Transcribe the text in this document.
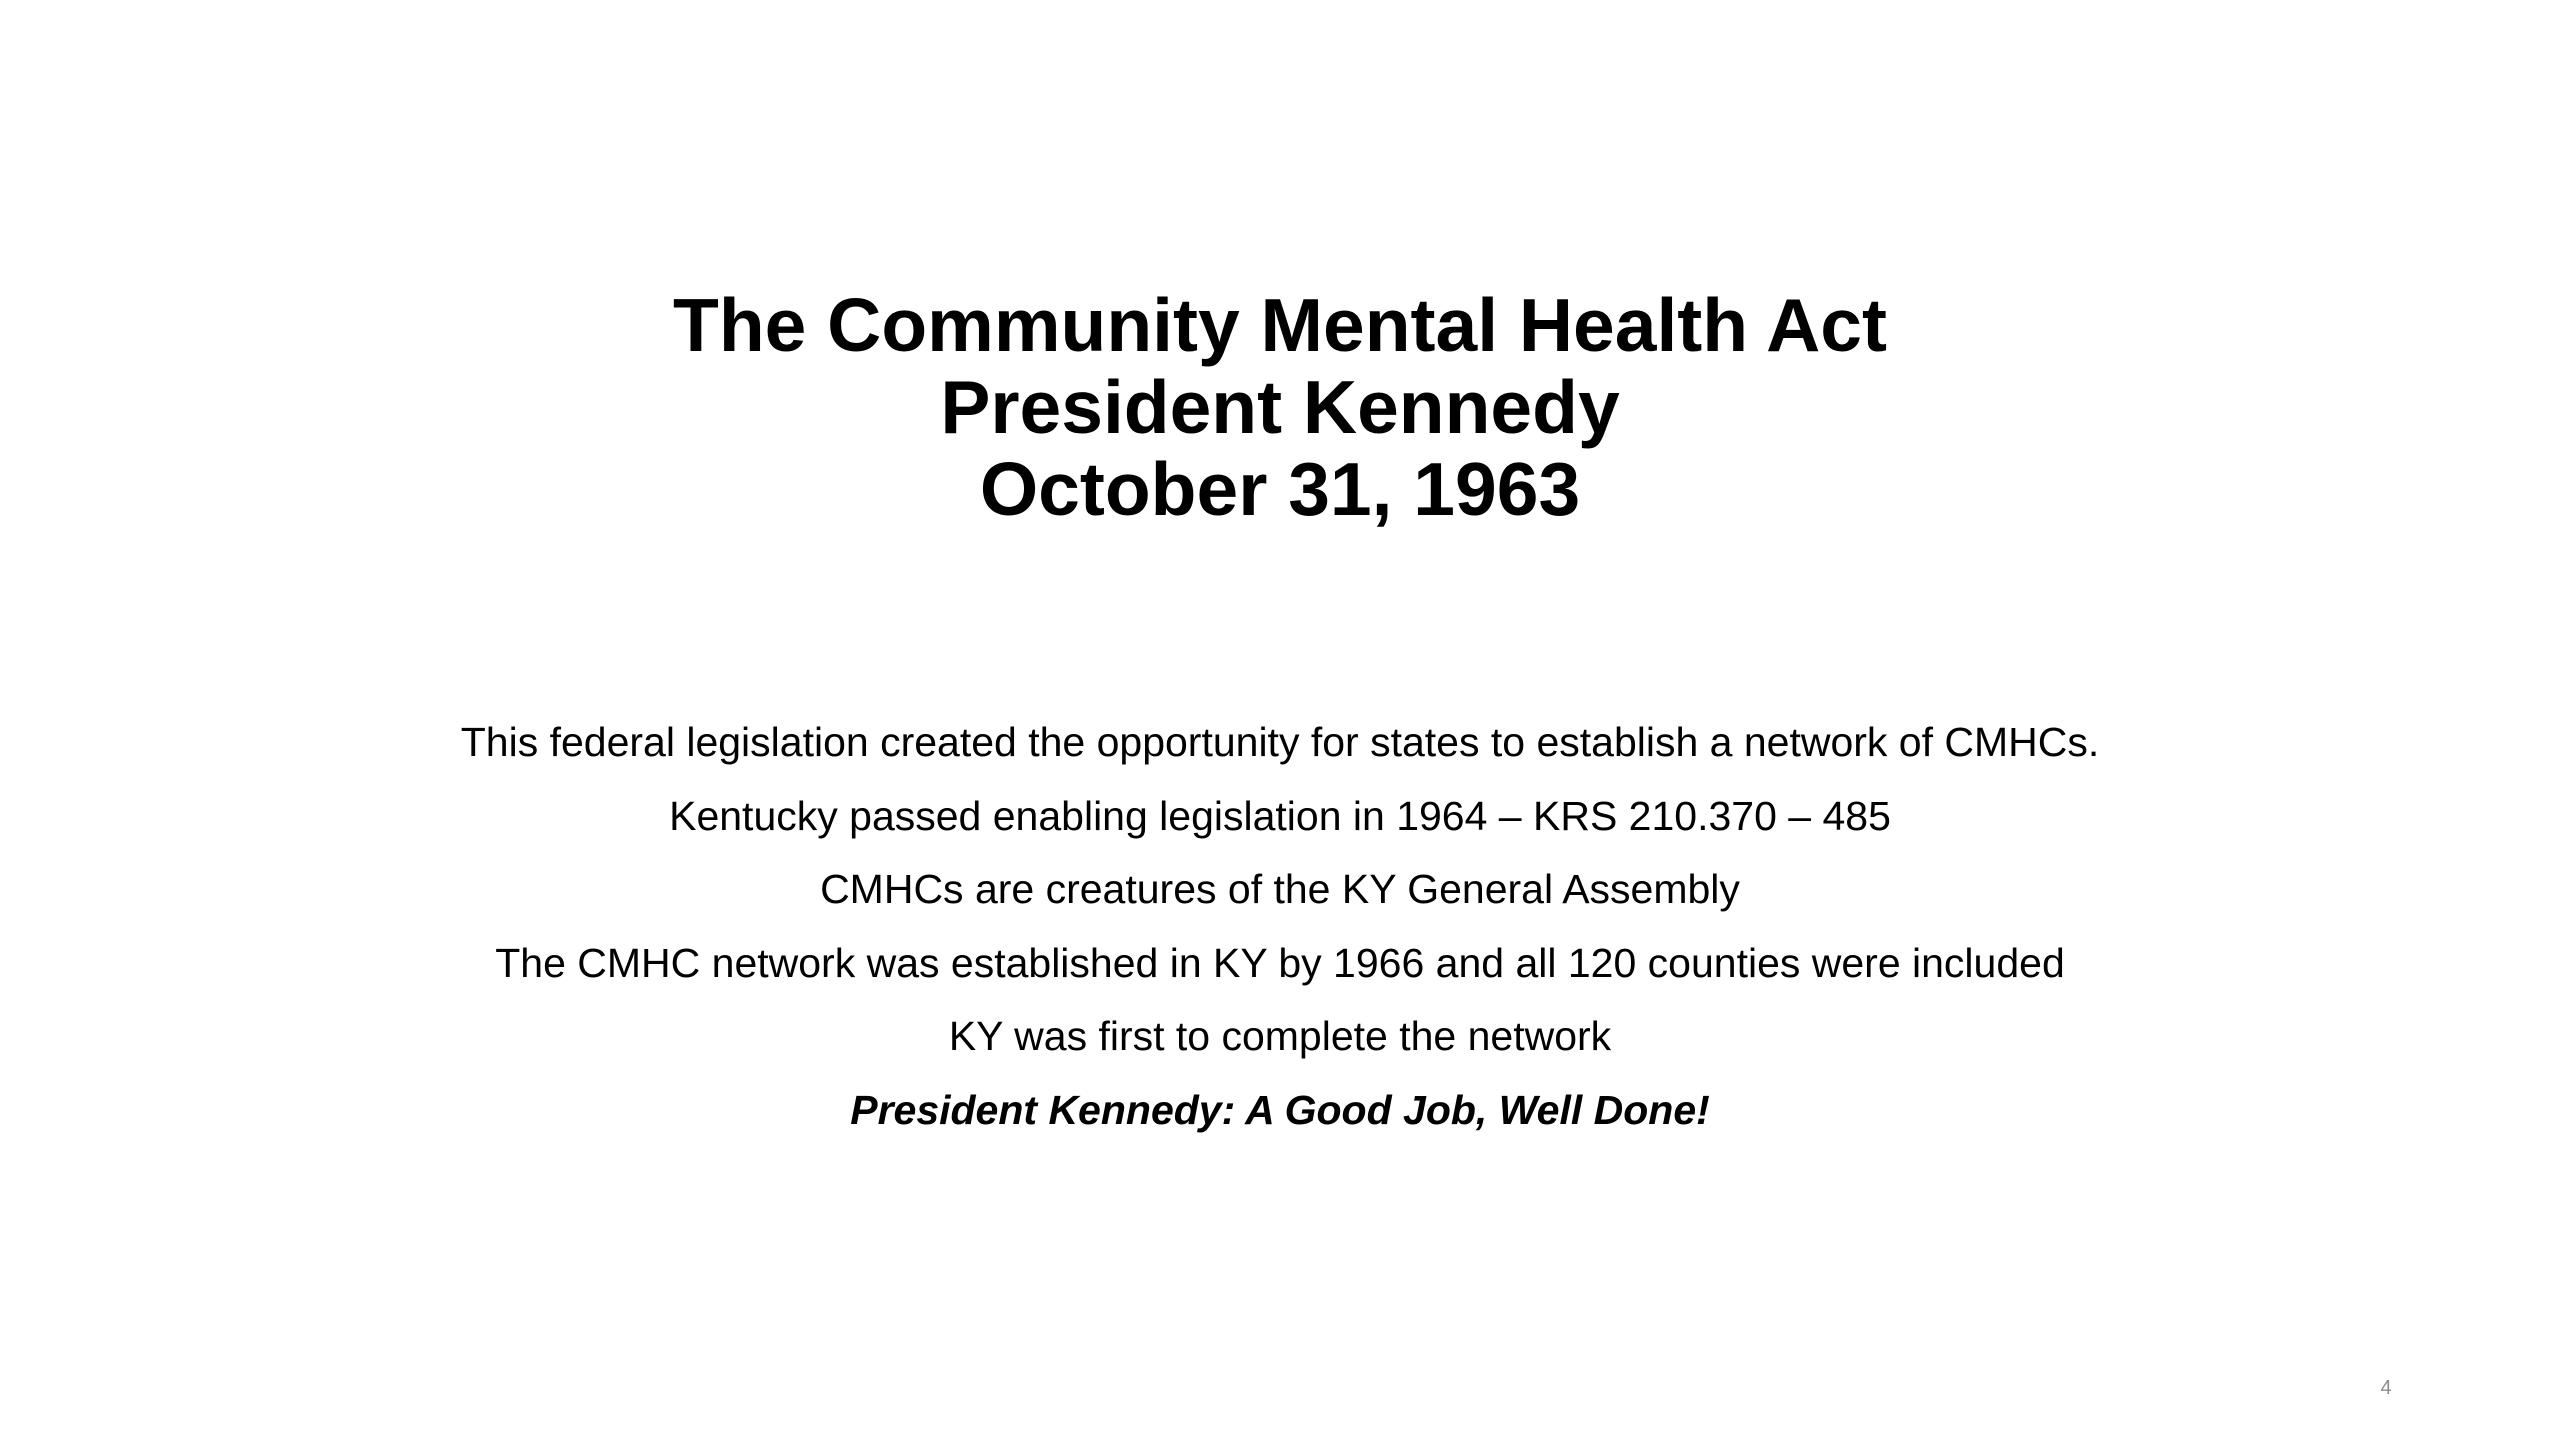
The Community Mental Health Act
President Kennedy
October 31, 1963
This federal legislation created the opportunity for states to establish a network of CMHCs.
Kentucky passed enabling legislation in 1964 – KRS 210.370 – 485
CMHCs are creatures of the KY General Assembly
The CMHC network was established in KY by 1966 and all 120 counties were included
KY was first to complete the network
President Kennedy: A Good Job, Well Done!
4
